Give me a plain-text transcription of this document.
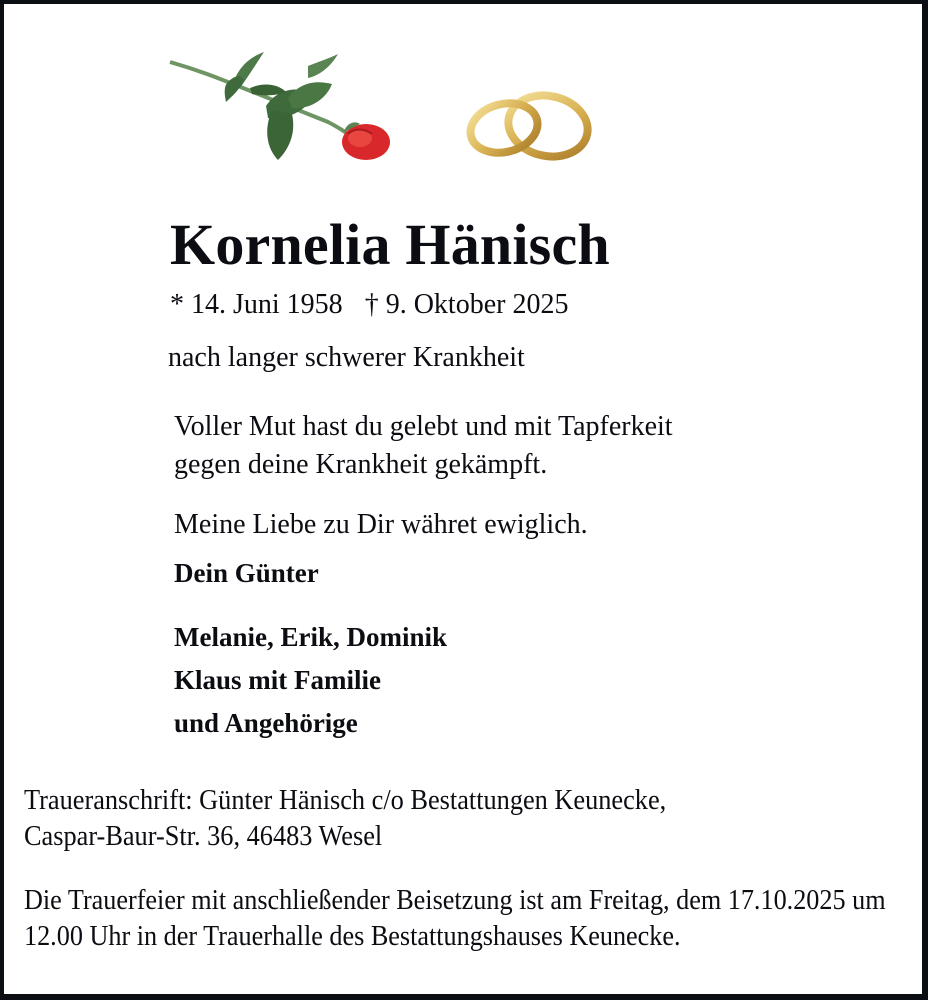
Kornelia Hänisch
* 14. Juni 1958 † 9. Oktober 2025
nach langer schwerer Krankheit
Voller Mut hast du gelebt und mit Tapferkeit
gegen deine Krankheit gekämpft.
Meine Liebe zu Dir währet ewiglich.
Dein Günter
Melanie, Erik, Dominik
Klaus mit Familie
und Angehörige
Traueranschrift: Günter Hänisch c/o Bestattungen Keunecke,
Caspar-Baur-Str. 36, 46483 Wesel
Die Trauerfeier mit anschließender Beisetzung ist am Freitag, dem 17.10.2025 um 12.00 Uhr in der Trauerhalle des Bestattungshauses Keunecke.
